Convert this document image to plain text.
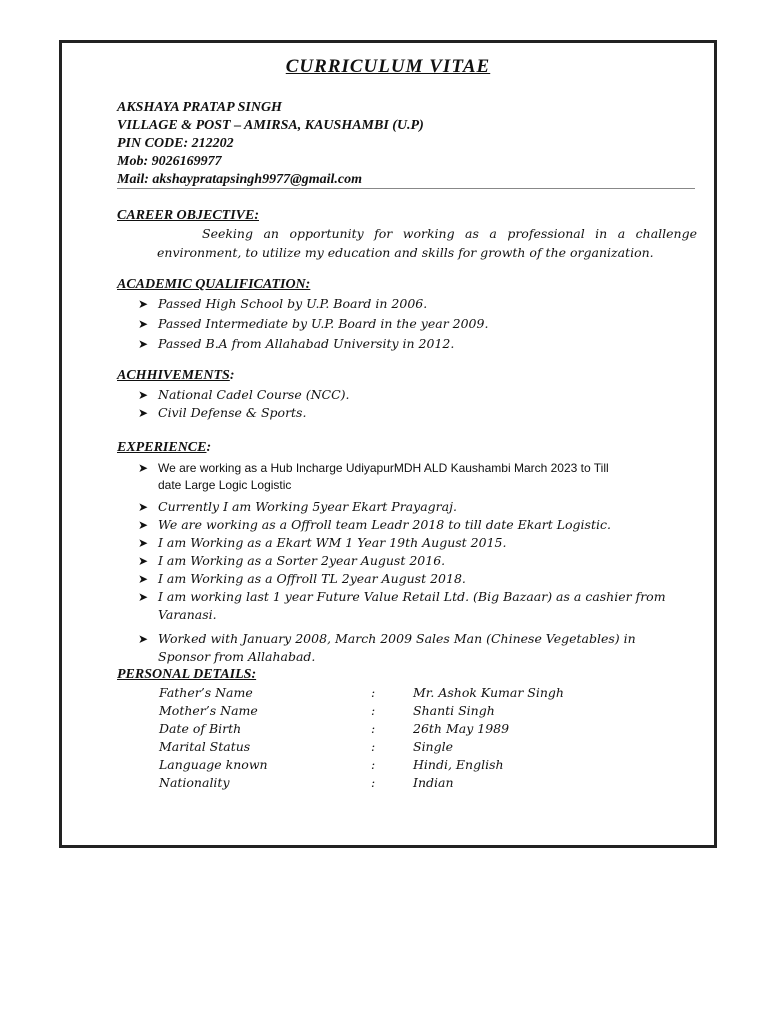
CURRICULUM VITAE
AKSHAYA PRATAP SINGH
VILLAGE & POST – AMIRSA, KAUSHAMBI (U.P)
PIN CODE: 212202
Mob: 9026169977
Mail: akshaypratapsingh9977@gmail.com
CAREER OBJECTIVE:

Seeking an opportunity for working as a professional in a challenge environment, to utilize my education and skills for growth of the organization.

ACADEMIC QUALIFICATION:
➤ Passed High School by U.P. Board in 2006.
➤ Passed Intermediate by U.P. Board in the year 2009.
➤ Passed B.A from Allahabad University in 2012.
ACHHIVEMENTS:
➤ National Cadel Course (NCC).
➤ Civil Defense & Sports.
EXPERIENCE:
➤ We are working as a Hub Incharge UdiyapurMDH ALD Kaushambi March 2023 to Till date Large Logic Logistic
➤ Currently I am Working 5year Ekart Prayagraj.
➤ We are working as a Offroll team Leadr 2018 to till date Ekart Logistic.
➤ I am Working as a Ekart WM 1 Year 19th August 2015.
➤ I am Working as a Sorter 2year August 2016.
➤ I am Working as a Offroll TL 2year August 2018.
➤ I am working last 1 year Future Value Retail Ltd. (Big Bazaar) as a cashier from Varanasi.
➤ Worked with January 2008, March 2009 Sales Man (Chinese Vegetables) in Sponsor from Allahabad.
PERSONAL DETAILS:
Father’s Name	:	Mr. Ashok Kumar Singh
Mother’s Name	:	Shanti Singh
Date of Birth	:	26th May 1989
Marital Status	:	Single
Language known	:	Hindi, English
Nationality	:	Indian
